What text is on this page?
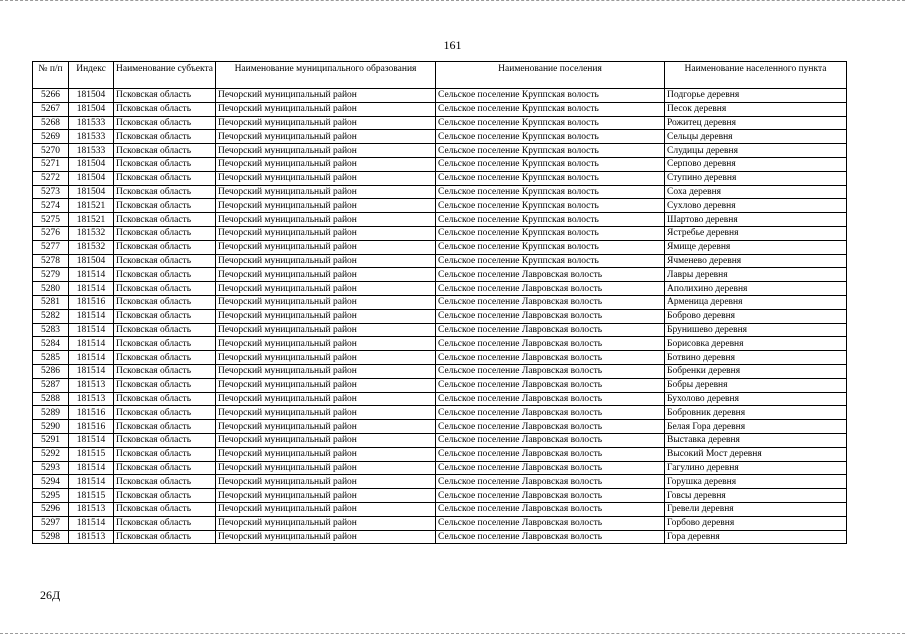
161
№ п/п	Индекс	Наименование субъекта	Наименование муниципального образования	Наименование поселения	Наименование населенного пункта
5266	181504	Псковская область	Печорский муниципальный район	Сельское поселение Круппская волость	Подгорье деревня
5267	181504	Псковская область	Печорский муниципальный район	Сельское поселение Круппская волость	Песок деревня
5268	181533	Псковская область	Печорский муниципальный район	Сельское поселение Круппская волость	Рожитец деревня
5269	181533	Псковская область	Печорский муниципальный район	Сельское поселение Круппская волость	Сельцы деревня
5270	181533	Псковская область	Печорский муниципальный район	Сельское поселение Круппская волость	Слудицы деревня
5271	181504	Псковская область	Печорский муниципальный район	Сельское поселение Круппская волость	Серпово деревня
5272	181504	Псковская область	Печорский муниципальный район	Сельское поселение Круппская волость	Ступино деревня
5273	181504	Псковская область	Печорский муниципальный район	Сельское поселение Круппская волость	Соха деревня
5274	181521	Псковская область	Печорский муниципальный район	Сельское поселение Круппская волость	Сухлово деревня
5275	181521	Псковская область	Печорский муниципальный район	Сельское поселение Круппская волость	Шартово деревня
5276	181532	Псковская область	Печорский муниципальный район	Сельское поселение Круппская волость	Ястребье деревня
5277	181532	Псковская область	Печорский муниципальный район	Сельское поселение Круппская волость	Ямище деревня
5278	181504	Псковская область	Печорский муниципальный район	Сельское поселение Круппская волость	Ячменево деревня
5279	181514	Псковская область	Печорский муниципальный район	Сельское поселение Лавровская волость	Лавры деревня
5280	181514	Псковская область	Печорский муниципальный район	Сельское поселение Лавровская волость	Аполихино деревня
5281	181516	Псковская область	Печорский муниципальный район	Сельское поселение Лавровская волость	Арменица деревня
5282	181514	Псковская область	Печорский муниципальный район	Сельское поселение Лавровская волость	Боброво деревня
5283	181514	Псковская область	Печорский муниципальный район	Сельское поселение Лавровская волость	Брунишево деревня
5284	181514	Псковская область	Печорский муниципальный район	Сельское поселение Лавровская волость	Борисовка деревня
5285	181514	Псковская область	Печорский муниципальный район	Сельское поселение Лавровская волость	Ботвино деревня
5286	181514	Псковская область	Печорский муниципальный район	Сельское поселение Лавровская волость	Бобренки деревня
5287	181513	Псковская область	Печорский муниципальный район	Сельское поселение Лавровская волость	Бобры деревня
5288	181513	Псковская область	Печорский муниципальный район	Сельское поселение Лавровская волость	Бухолово деревня
5289	181516	Псковская область	Печорский муниципальный район	Сельское поселение Лавровская волость	Бобровник деревня
5290	181516	Псковская область	Печорский муниципальный район	Сельское поселение Лавровская волость	Белая Гора деревня
5291	181514	Псковская область	Печорский муниципальный район	Сельское поселение Лавровская волость	Выставка деревня
5292	181515	Псковская область	Печорский муниципальный район	Сельское поселение Лавровская волость	Высокий Мост деревня
5293	181514	Псковская область	Печорский муниципальный район	Сельское поселение Лавровская волость	Гагулино деревня
5294	181514	Псковская область	Печорский муниципальный район	Сельское поселение Лавровская волость	Горушка деревня
5295	181515	Псковская область	Печорский муниципальный район	Сельское поселение Лавровская волость	Говсы деревня
5296	181513	Псковская область	Печорский муниципальный район	Сельское поселение Лавровская волость	Гревели деревня
5297	181514	Псковская область	Печорский муниципальный район	Сельское поселение Лавровская волость	Горбово деревня
5298	181513	Псковская область	Печорский муниципальный район	Сельское поселение Лавровская волость	Гора деревня
26Д
